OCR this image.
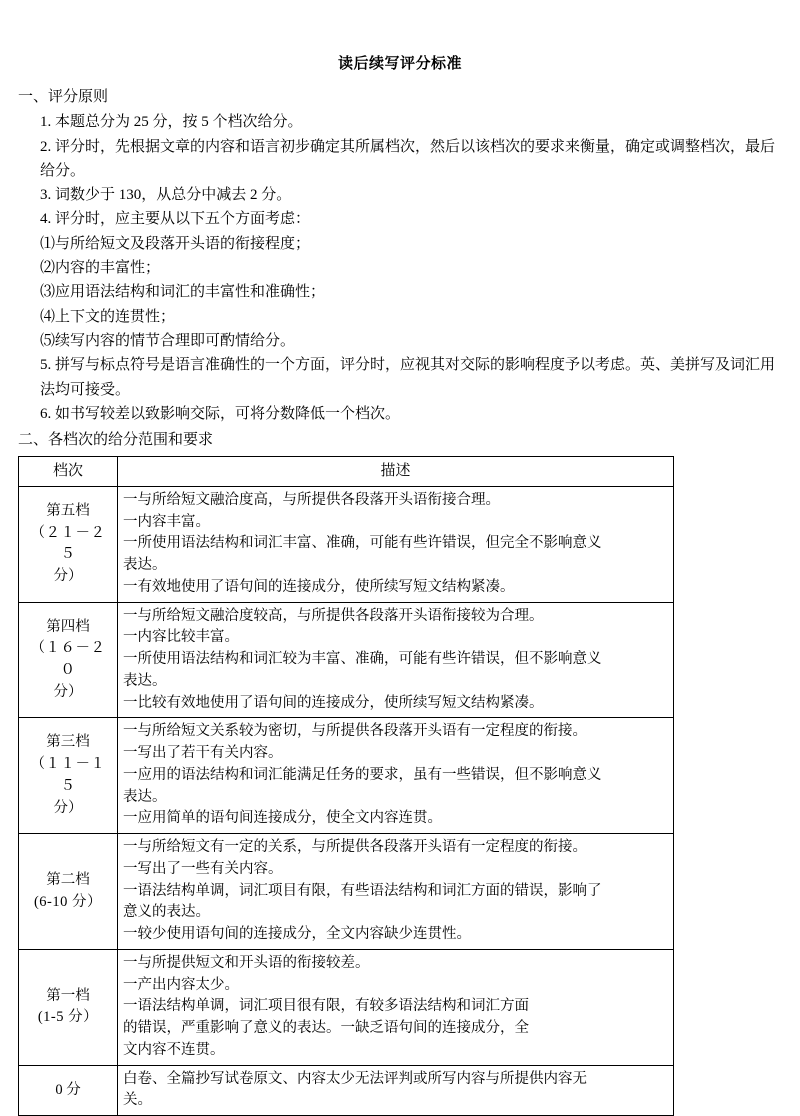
读后续写评分标准
一、评分原则

1. 本题总分为 25 分，按 5 个档次给分。

2. 评分时，先根据文章的内容和语言初步确定其所属档次，然后以该档次的要求来衡量，确定或调整档次，最后给分。

3. 词数少于 130，从总分中减去 2 分。

4. 评分时，应主要从以下五个方面考虑：

⑴与所给短文及段落开头语的衔接程度；

⑵内容的丰富性；

⑶应用语法结构和词汇的丰富性和准确性；

⑷上下文的连贯性；

⑸续写内容的情节合理即可酌情给分。

5. 拼写与标点符号是语言准确性的一个方面，评分时，应视其对交际的影响程度予以考虑。英、美拼写及词汇用法均可接受。

6. 如书写较差以致影响交际，可将分数降低一个档次。

二、各档次的给分范围和要求
档次	描述

第五档
（２１－２５
分）	一与所给短文融洽度高，与所提供各段落开头语衔接合理。
一内容丰富。
一所使用语法结构和词汇丰富、准确，可能有些许错误，但完全不影响意义
表达。
一有效地使用了语句间的连接成分，使所续写短文结构紧凑。

第四档
（１６－２０
分）	一与所给短文融洽度较高，与所提供各段落开头语衔接较为合理。
一内容比较丰富。
一所使用语法结构和词汇较为丰富、准确，可能有些许错误，但不影响意义
表达。
一比较有效地使用了语句间的连接成分，使所续写短文结构紧凑。

第三档
（１１－１５
分）	一与所给短文关系较为密切，与所提供各段落开头语有一定程度的衔接。
一写出了若干有关内容。
一应用的语法结构和词汇能满足任务的要求，虽有一些错误，但不影响意义
表达。
一应用简单的语句间连接成分，使全文内容连贯。

第二档
(6-10 分）	一与所给短文有一定的关系，与所提供各段落开头语有一定程度的衔接。
一写出了一些有关内容。
一语法结构单调，词汇项目有限，有些语法结构和词汇方面的错误，影响了
意义的表达。
一较少使用语句间的连接成分，全文内容缺少连贯性。

第一档
(1-5 分）	一与所提供短文和开头语的衔接较差。
一产出内容太少。
一语法结构单调，词汇项目很有限，有较多语法结构和词汇方面
的错误，严重影响了意义的表达。一缺乏语句间的连接成分，全
文内容不连贯。

0 分	白卷、全篇抄写试卷原文、内容太少无法评判或所写内容与所提供内容无
关。
